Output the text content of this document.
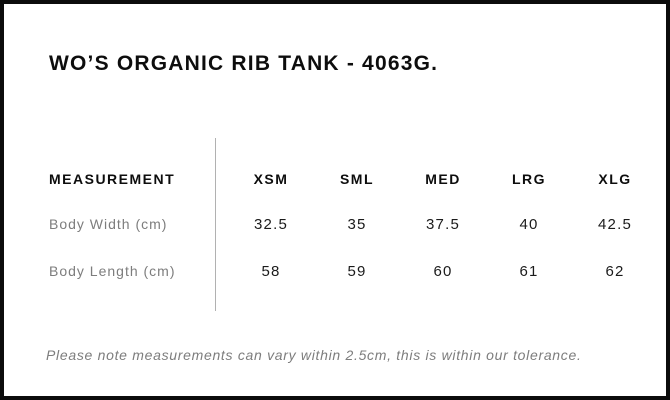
WO’S ORGANIC RIB TANK - 4063G.
MEASUREMENT	XSM	SML	MED	LRG	XLG
Body Width (cm)	32.5	35	37.5	40	42.5
Body Length (cm)	58	59	60	61	62

Please note measurements can vary within 2.5cm, this is within our tolerance.
